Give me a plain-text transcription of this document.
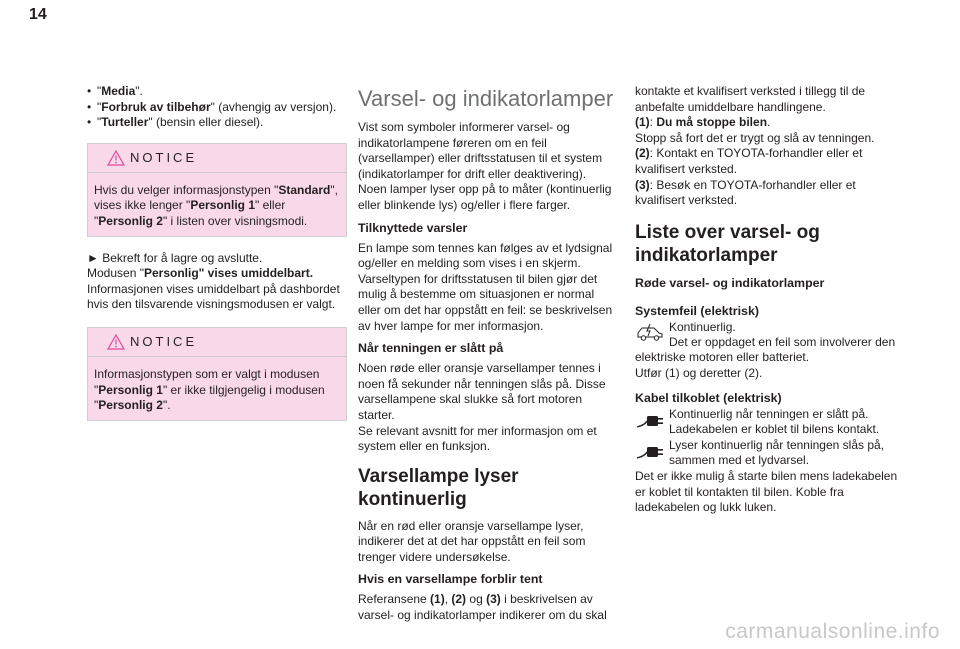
14
• "Media".
• "Forbruk av tilbehør" (avhengig av versjon).
• "Turteller" (bensin eller diesel).
NOTICE
Hvis du velger informasjonstypen "Standard", vises ikke lenger "Personlig 1" eller "Personlig 2" i listen over visningsmodi.

► Bekreft for å lagre og avslutte.

Modusen "Personlig" vises umiddelbart.

Informasjonen vises umiddelbart på dashbordet hvis den tilsvarende visningsmodusen er valgt.

NOTICE
Informasjonstypen som er valgt i modusen "Personlig 1" er ikke tilgjengelig i modusen "Personlig 2".
Varsel- og indikatorlamper

Vist som symboler informerer varsel- og indikatorlampene føreren om en feil (varsellamper) eller driftsstatusen til et system (indikatorlamper for drift eller deaktivering). Noen lamper lyser opp på to måter (kontinuerlig eller blinkende lys) og/eller i flere farger.

Tilknyttede varsler

En lampe som tennes kan følges av et lydsignal og/eller en melding som vises i en skjerm. Varseltypen for driftsstatusen til bilen gjør det mulig å bestemme om situasjonen er normal eller om det har oppstått en feil: se beskrivelsen av hver lampe for mer informasjon.

Når tenningen er slått på

Noen røde eller oransje varsellamper tennes i noen få sekunder når tenningen slås på. Disse varsellampene skal slukke så fort motoren starter.

Se relevant avsnitt for mer informasjon om et system eller en funksjon.

Varsellampe lyser kontinuerlig

Når en rød eller oransje varsellampe lyser, indikerer det at det har oppstått en feil som trenger videre undersøkelse.

Hvis en varsellampe forblir tent

Referansene (1), (2) og (3) i beskrivelsen av varsel- og indikatorlamper indikerer om du skal

kontakte et kvalifisert verksted i tillegg til de anbefalte umiddelbare handlingene.

(1): Du må stoppe bilen.

Stopp så fort det er trygt og slå av tenningen.

(2): Kontakt en TOYOTA-forhandler eller et kvalifisert verksted.

(3): Besøk en TOYOTA-forhandler eller et kvalifisert verksted.

Liste over varsel- og indikatorlamper
Røde varsel- og indikatorlamper
Systemfeil (elektrisk)

Kontinuerlig.

Det er oppdaget en feil som involverer den elektriske motoren eller batteriet.

Utfør (1) og deretter (2).

Kabel tilkoblet (elektrisk)

Kontinuerlig når tenningen er slått på. Ladekabelen er koblet til bilens kontakt.

Lyser kontinuerlig når tenningen slås på, sammen med et lydvarsel.

Det er ikke mulig å starte bilen mens ladekabelen er koblet til kontakten til bilen. Koble fra ladekabelen og lukk luken.

carmanualsonline.info
